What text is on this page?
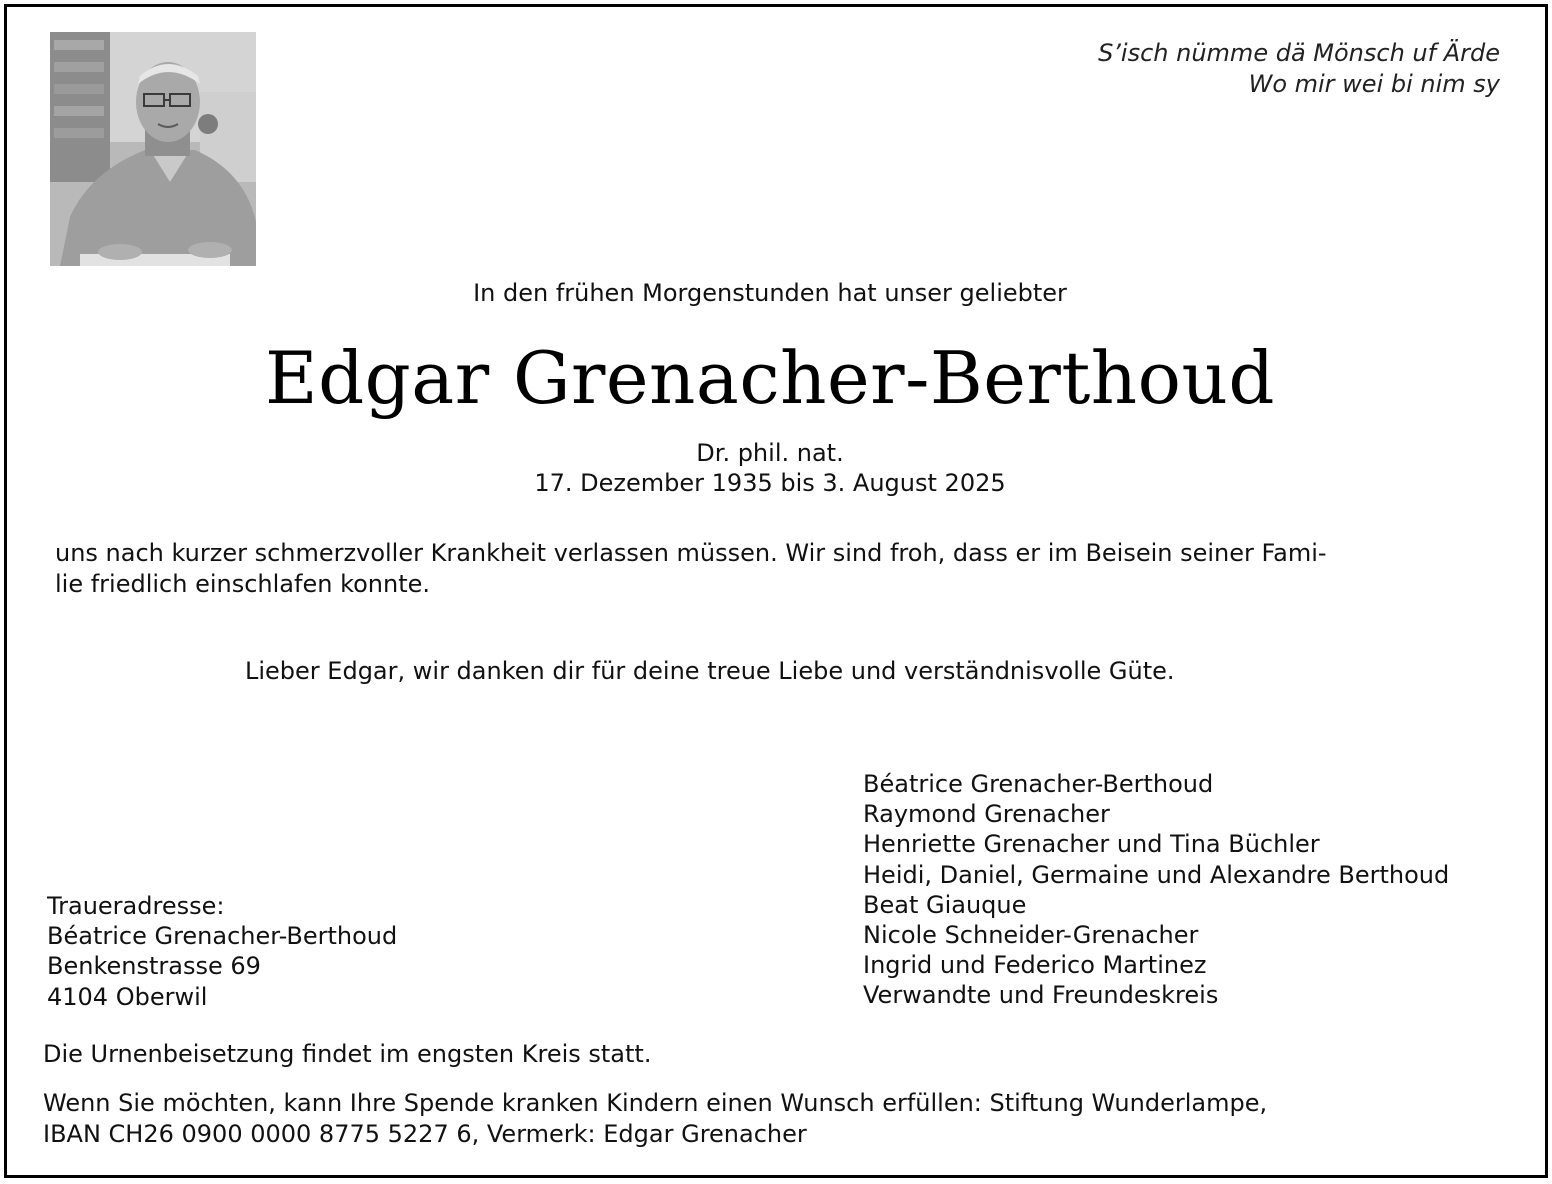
S’isch nümme dä Mönsch uf Ärde
Wo mir wei bi nim sy
In den frühen Morgenstunden hat unser geliebter
Edgar Grenacher-Berthoud
Dr. phil. nat.
17. Dezember 1935 bis 3. August 2025
uns nach kurzer schmerzvoller Krankheit verlassen müssen. Wir sind froh, dass er im Beisein seiner Fami-
lie friedlich einschlafen konnte.
Lieber Edgar, wir danken dir für deine treue Liebe und verständnisvolle Güte.
Béatrice Grenacher-Berthoud
Raymond Grenacher
Henriette Grenacher und Tina Büchler
Heidi, Daniel, Germaine und Alexandre Berthoud
Beat Giauque
Nicole Schneider-Grenacher
Ingrid und Federico Martinez
Verwandte und Freundeskreis
Traueradresse:
Béatrice Grenacher-Berthoud
Benkenstrasse 69
4104 Oberwil
Die Urnenbeisetzung findet im engsten Kreis statt.
Wenn Sie möchten, kann Ihre Spende kranken Kindern einen Wunsch erfüllen: Stiftung Wunderlampe,
IBAN CH26 0900 0000 8775 5227 6, Vermerk: Edgar Grenacher
